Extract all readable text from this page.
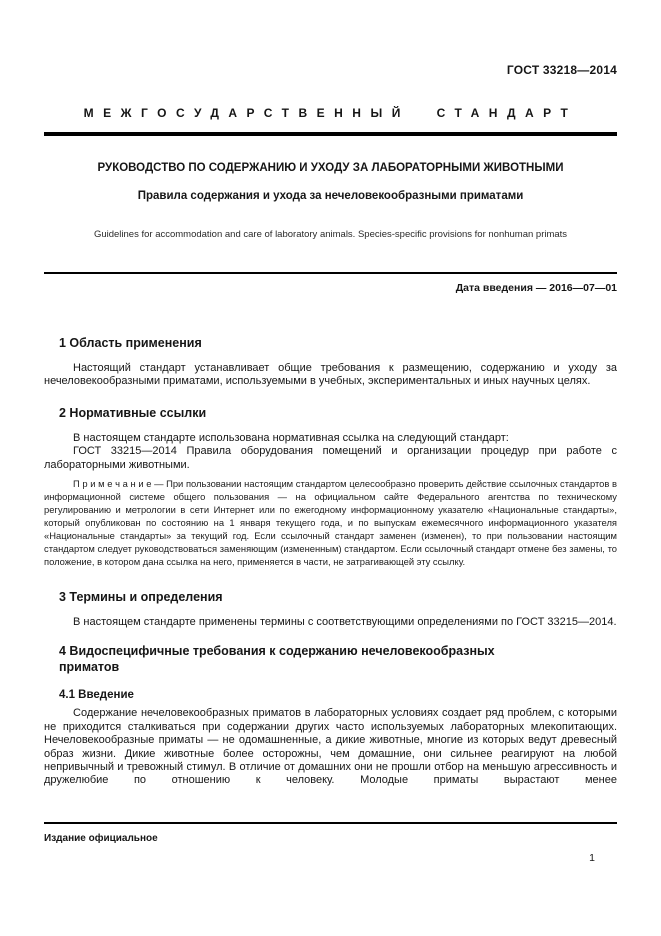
ГОСТ 33218—2014
МЕЖГОСУДАРСТВЕННЫЙ СТАНДАРТ
РУКОВОДСТВО ПО СОДЕРЖАНИЮ И УХОДУ ЗА ЛАБОРАТОРНЫМИ ЖИВОТНЫМИ
Правила содержания и ухода за нечеловекообразными приматами
Guidelines for accommodation and care of laboratory animals. Species-specific provisions for nonhuman primats
Дата введения — 2016—07—01
1 Область применения

Настоящий стандарт устанавливает общие требования к размещению, содержанию и уходу за нечеловекообразными приматами, используемыми в учебных, экспериментальных и иных научных целях.

2 Нормативные ссылки

В настоящем стандарте использована нормативная ссылка на следующий стандарт:

ГОСТ 33215—2014 Правила оборудования помещений и организации процедур при работе с лабораторными животными.

П р и м е ч а н и е — При пользовании настоящим стандартом целесообразно проверить действие ссылочных стандартов в информационной системе общего пользования — на официальном сайте Федерального агентства по техническому регулированию и метрологии в сети Интернет или по ежегодному информационному указателю «Национальные стандарты», который опубликован по состоянию на 1 января текущего года, и по выпускам ежемесячного информационного указателя «Национальные стандарты» за текущий год. Если ссылочный стандарт заменен (изменен), то при пользовании настоящим стандартом следует руководствоваться заменяющим (измененным) стандартом. Если ссылочный стандарт отмене без замены, то положение, в котором дана ссылка на него, применяется в части, не затрагивающей эту ссылку.

3 Термины и определения

В настоящем стандарте применены термины с соответствующими определениями по ГОСТ 33215—2014.

4 Видоспецифичные требования к содержанию нечеловекообразных приматов
4.1 Введение

Содержание нечеловекообразных приматов в лабораторных условиях создает ряд проблем, с которыми не приходится сталкиваться при содержании других часто используемых лабораторных млекопитающих. Нечеловекообразные приматы — не одомашненные, а дикие животные, многие из которых ведут древесный образ жизни. Дикие животные более осторожны, чем домашние, они сильнее реагируют на любой непривычный и тревожный стимул. В отличие от домашних они не прошли отбор на меньшую агрессивность и дружелюбие по отношению к человеку. Молодые приматы вырастают менее

Издание официальное
1
